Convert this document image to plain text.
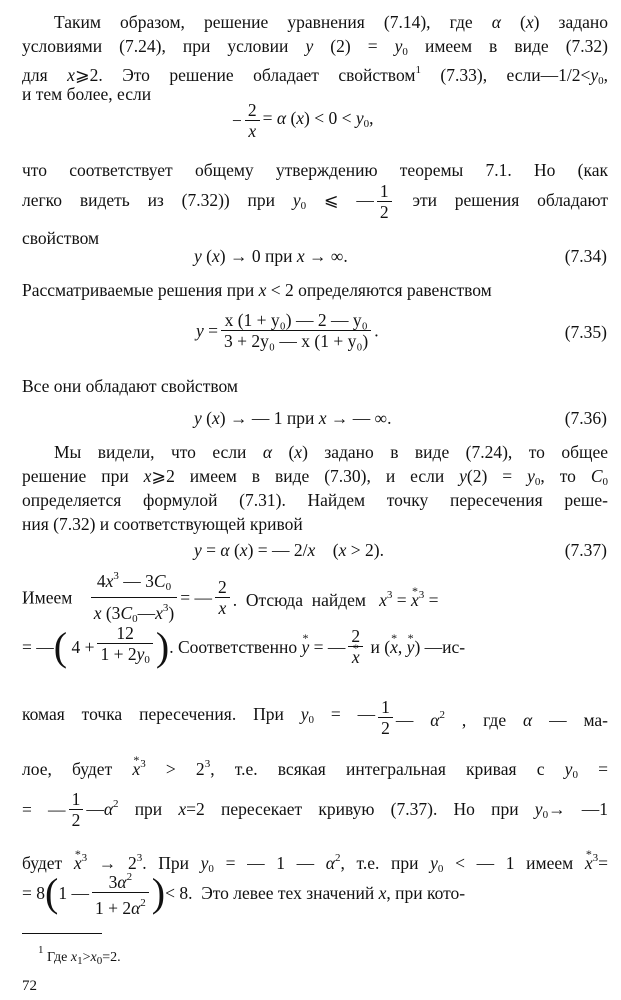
Таким образом, решение уравнения (7.14), где α (x) задано
условиями (7.24), при условии y $(2) = y_0$ имеем в виде (7.32)
для x⩾2. Это решение обладает свойством$^1$ (7.33), $если—1/2<y_0$,
и тем более, если
− $\frac{2}{x} = \alpha$ $(x) < 0 < y_0$,
что соответствует общему утверждению теоремы 7.1. Но (как
легко видеть из (7.32)) при $y_0$ ⩽ — $\frac{1}{2}$ эти решения обладают
свойством
y (x) → 0 при x → ∞.	(7.34)
Рассматриваемые решения при x < 2 определяются равенством
$y = \frac{\text{x (1 + y₀) — 2 — y₀}}{\text{3 + 2y₀ — x (1 + y₀)}}$ .	(7.35)
Все они обладают свойством
y (x) → — 1 при x → — ∞.	(7.36)
Мы видели, что если α (x) задано в виде (7.24), то общее
решение при x⩾2 имеем в виде (7.30), и если $y(2) = y_0$, то $C_0$
определяется формулой (7.31). Найдем точку пересечения реше-
ния (7.32) и соответствующей кривой
y = α (x) = — 2/x    (x > 2).	(7.37)
Имеем $\frac{4x^3 — 3C_0}{x (3C_0—x^3)}$ = — $\frac{2}{x}$ .  Отсюда  найдем   $x^3$ = * $x^3$ =
= —( $4 + \frac{12}{1 + 2y_0}$ ). Соответственно * y = — 2
* x и (* x, * y) —ис-
комая точка пересечения. При $y_0$ = — $\frac{1}{2}$ — $\alpha^2$ , где α — ма-
лое, будет * $x^3 > 2^3$, т.е. всякая интегральная кривая с $y_0$ =
= — $\frac{1}{2}$ $—\alpha^2$ при x=2 пересекает кривую (7.37). Но при $y_0\to$ —1
будет * $x^3 \to 2^3$. При $y_0$ = — 1 — $\alpha^2$, т.е. при $y_0$ < — 1 имеем * $x^3=$
= 8(1 — $\frac{3\alpha^2}{1 + 2\alpha^2}$ )< 8.  Это левее тех значений x, при кото-
$^1$ Где $x_1>x_0=2$.
72
